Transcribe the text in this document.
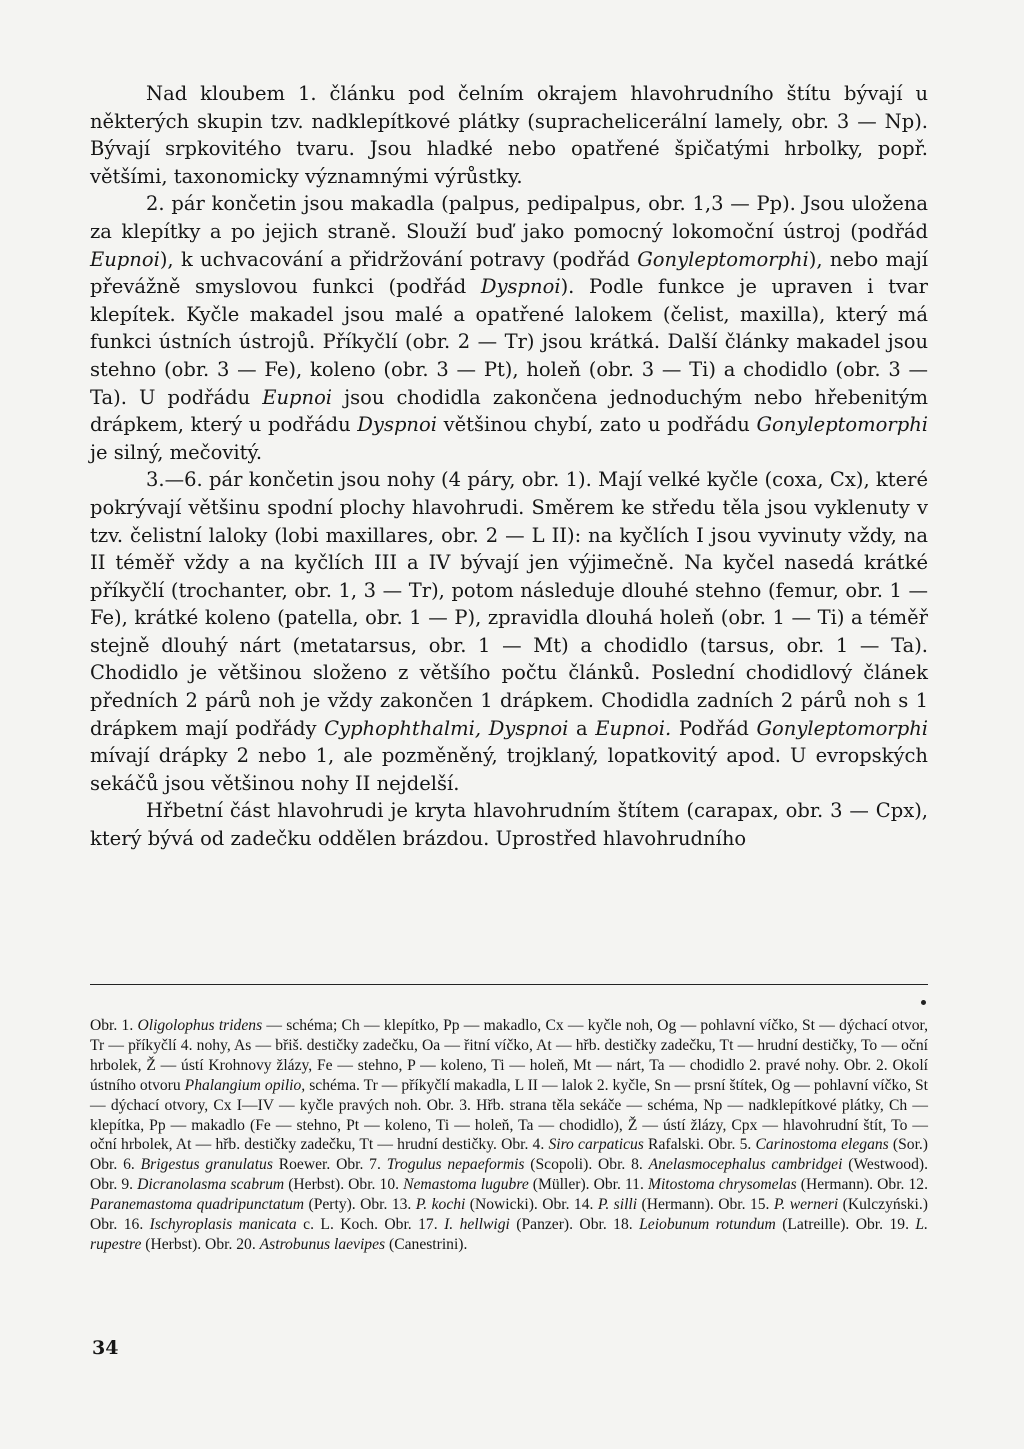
Nad kloubem 1. článku pod čelním okrajem hlavohrudního štítu bývají u některých skupin tzv. nadklepítkové plátky (suprachelicerální lamely, obr. 3 — Np). Bývají srpkovitého tvaru. Jsou hladké nebo opatřené špičatými hrbolky, popř. většími, taxonomicky významnými výrůstky.

2. pár končetin jsou makadla (palpus, pedipalpus, obr. 1,3 — Pp). Jsou uložena za klepítky a po jejich straně. Slouží buď jako pomocný lokomoční ústroj (podřád Eupnoi), k uchvacování a přidržování potravy (podřád Gonyleptomorphi), nebo mají převážně smyslovou funkci (podřád Dyspnoi). Podle funkce je upraven i tvar klepítek. Kyčle makadel jsou malé a opatřené lalokem (čelist, maxilla), který má funkci ústních ústrojů. Příkyčlí (obr. 2 — Tr) jsou krátká. Další články makadel jsou stehno (obr. 3 — Fe), koleno (obr. 3 — Pt), holeň (obr. 3 — Ti) a chodidlo (obr. 3 — Ta). U podřádu Eupnoi jsou chodidla zakončena jednoduchým nebo hřebenitým drápkem, který u podřádu Dyspnoi většinou chybí, zato u podřádu Gonyleptomorphi je silný, mečovitý.

3.—6. pár končetin jsou nohy (4 páry, obr. 1). Mají velké kyčle (coxa, Cx), které pokrývají většinu spodní plochy hlavohrudi. Směrem ke středu těla jsou vyklenuty v tzv. čelistní laloky (lobi maxillares, obr. 2 — L II): na kyčlích I jsou vyvinuty vždy, na II téměř vždy a na kyčlích III a IV bývají jen výjimečně. Na kyčel nasedá krátké příkyčlí (trochanter, obr. 1, 3 — Tr), potom následuje dlouhé stehno (femur, obr. 1 — Fe), krátké koleno (patella, obr. 1 — P), zpravidla dlouhá holeň (obr. 1 — Ti) a téměř stejně dlouhý nárt (metatarsus, obr. 1 — Mt) a chodidlo (tarsus, obr. 1 — Ta). Chodidlo je většinou složeno z většího počtu článků. Poslední chodidlový článek předních 2 párů noh je vždy zakončen 1 drápkem. Chodidla zadních 2 párů noh s 1 drápkem mají podřády Cyphophthalmi, Dyspnoi a Eupnoi. Podřád Gonyleptomorphi mívají drápky 2 nebo 1, ale pozměněný, trojklaný, lopatkovitý apod. U evropských sekáčů jsou většinou nohy II nejdelší.

Hřbetní část hlavohrudi je kryta hlavohrudním štítem (carapax, obr. 3 — Cpx), který bývá od zadečku oddělen brázdou. Uprostřed hlavohrudního

Obr. 1. Oligolophus tridens — schéma; Ch — klepítko, Pp — makadlo, Cx — kyčle noh, Og — pohlavní víčko, St — dýchací otvor, Tr — příkyčlí 4. nohy, As — břiš. destičky zadečku, Oa — řitní víčko, At — hřb. destičky zadečku, Tt — hrudní destičky, To — oční hrbolek, Ž — ústí Krohnovy žlázy, Fe — stehno, P — koleno, Ti — holeň, Mt — nárt, Ta — chodidlo 2. pravé nohy. Obr. 2. Okolí ústního otvoru Phalangium opilio, schéma. Tr — příkyčlí makadla, L II — lalok 2. kyčle, Sn — prsní štítek, Og — pohlavní víčko, St — dýchací otvory, Cx I—IV — kyčle pravých noh. Obr. 3. Hřb. strana těla sekáče — schéma, Np — nadklepítkové plátky, Ch — klepítka, Pp — makadlo (Fe — stehno, Pt — koleno, Ti — holeň, Ta — chodidlo), Ž — ústí žlázy, Cpx — hlavohrudní štít, To — oční hrbolek, At — hřb. destičky zadečku, Tt — hrudní destičky. Obr. 4. Siro carpaticus Rafalski. Obr. 5. Carinostoma elegans (Sor.) Obr. 6. Brigestus granulatus Roewer. Obr. 7. Trogulus nepaeformis (Scopoli). Obr. 8. Anelasmocephalus cambridgei (Westwood). Obr. 9. Dicranolasma scabrum (Herbst). Obr. 10. Nemastoma lugubre (Müller). Obr. 11. Mitostoma chrysomelas (Hermann). Obr. 12. Paranemastoma quadripunctatum (Perty). Obr. 13. P. kochi (Nowicki). Obr. 14. P. silli (Hermann). Obr. 15. P. werneri (Kulczyński.) Obr. 16. Ischyroplasis manicata c. L. Koch. Obr. 17. I. hellwigi (Panzer). Obr. 18. Leiobunum rotundum (Latreille). Obr. 19. L. rupestre (Herbst). Obr. 20. Astrobunus laevipes (Canestrini).

34
